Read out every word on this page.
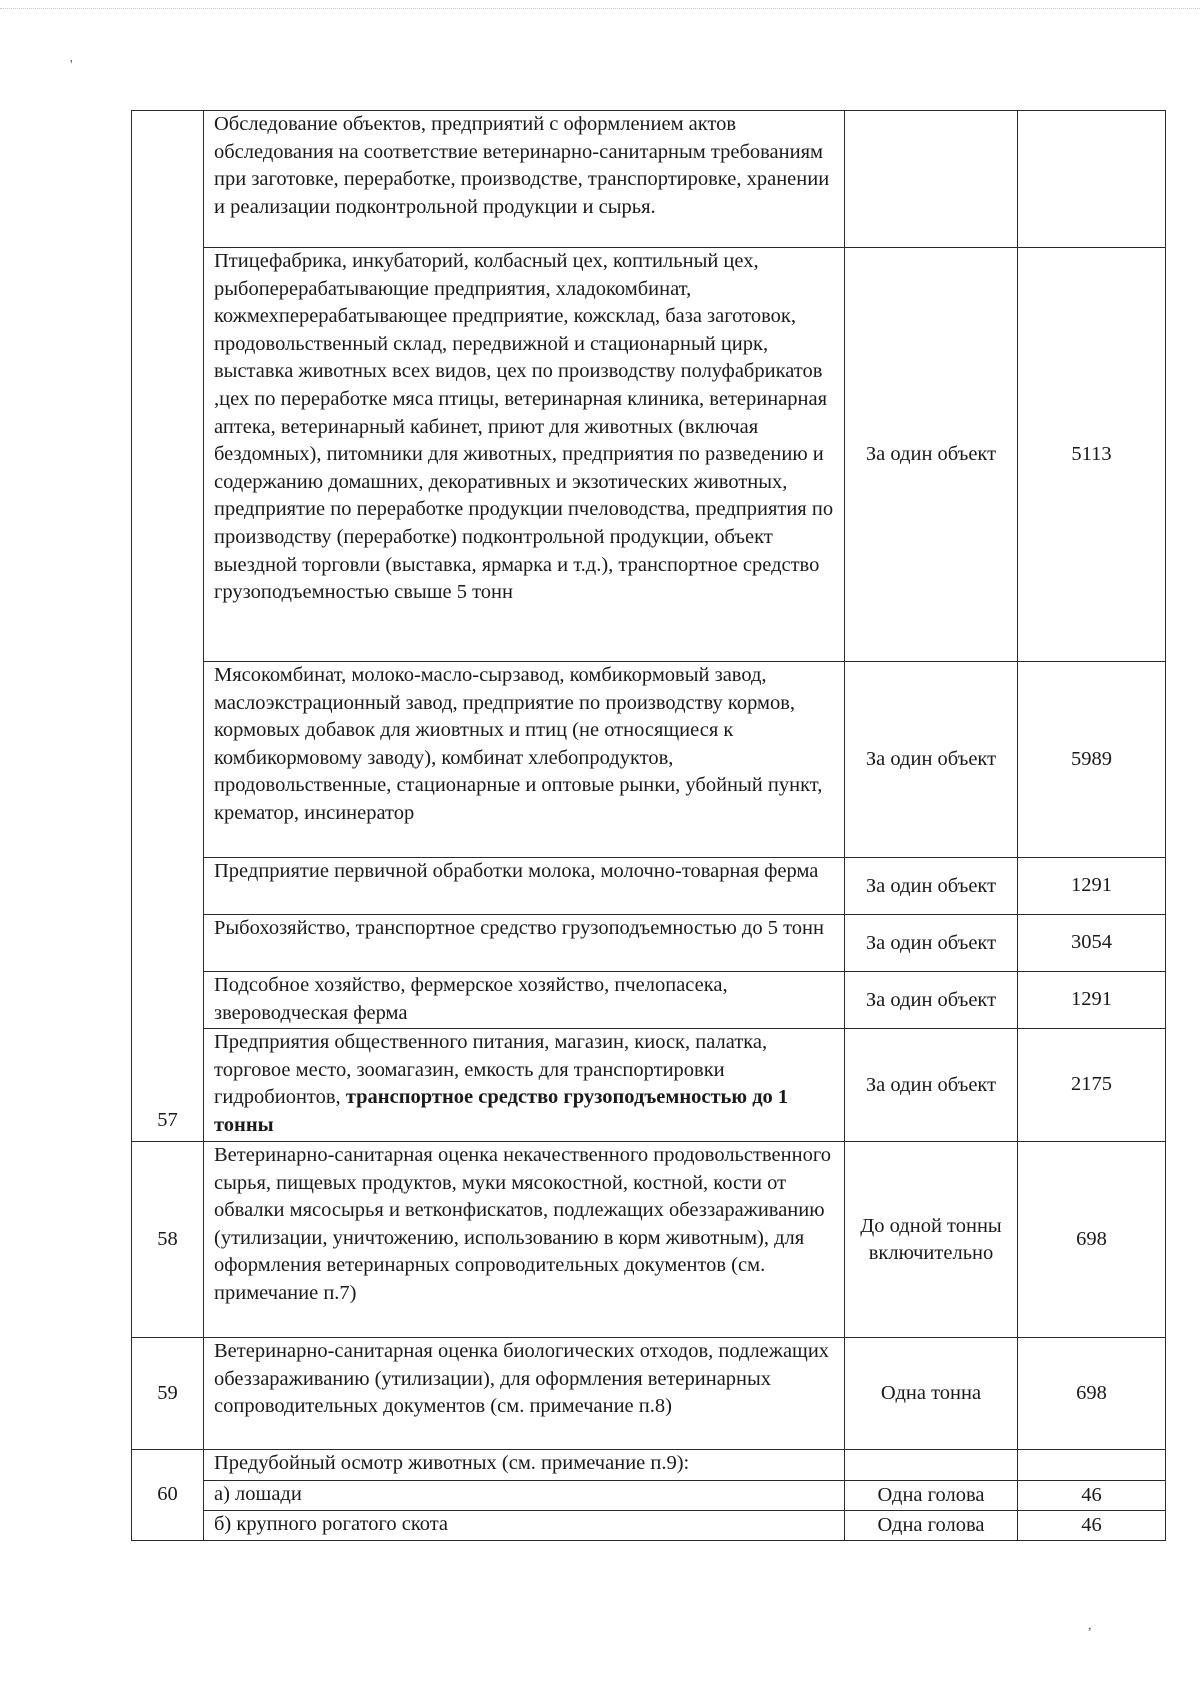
'
57	Обследование объектов, предприятий с оформлением актов обследования на соответствие ветеринарно-санитарным требованиям при заготовке, переработке, производстве, транспортировке, хранении и реализации подконтрольной продукции и сырья.		
	Птицефабрика, инкубаторий, колбасный цех, коптильный цех, рыбоперерабатывающие предприятия, хладокомбинат, кожмехперерабатывающее предприятие, кожсклад, база заготовок, продовольственный склад, передвижной и стационарный цирк, выставка животных всех видов, цех по производству полуфабрикатов ,цех по переработке мяса птицы, ветеринарная клиника, ветеринарная аптека, ветеринарный кабинет, приют для животных (включая бездомных), питомники для животных, предприятия по разведению и содержанию домашних, декоративных и экзотических животных, предприятие по переработке продукции пчеловодства, предприятия по производству (переработке) подконтрольной продукции, объект выездной торговли (выставка, ярмарка и т.д.), транспортное средство грузоподъемностью свыше 5 тонн	За один объект	5113
	Мясокомбинат, молоко-масло-сырзавод, комбикормовый завод, маслоэкстрационный завод, предприятие по производству кормов, кормовых добавок для жиовтных и птиц (не относящиеся к комбикормовому заводу), комбинат хлебопродуктов, продовольственные, стационарные и оптовые рынки, убойный пункт, крематор, инсинератор	За один объект	5989
	Предприятие первичной обработки молока, молочно-товарная ферма	За один объект	1291
	Рыбохозяйство, транспортное средство грузоподъемностью до 5 тонн	За один объект	3054
	Подсобное хозяйство, фермерское хозяйство, пчелопасека, звероводческая ферма	За один объект	1291
	Предприятия общественного питания, магазин, киоск, палатка, торговое место, зоомагазин, емкость для транспортировки гидробионтов, транспортное средство грузоподъемностью до 1 тонны	За один объект	2175
58	Ветеринарно-санитарная оценка некачественного продовольственного сырья, пищевых продуктов, муки мясокостной, костной, кости от обвалки мясосырья и ветконфискатов, подлежащих обеззараживанию (утилизации, уничтожению, использованию в корм животным), для оформления ветеринарных сопроводительных документов (см. примечание п.7)	До одной тонны включительно	698
59	Ветеринарно-санитарная оценка биологических отходов, подлежащих обеззараживанию (утилизации), для оформления ветеринарных сопроводительных документов (см. примечание п.8)	Одна тонна	698
60	Предубойный осмотр животных (см. примечание п.9):		
	а) лошади	Одна голова	46
	б) крупного рогатого скота	Одна голова	46
,
